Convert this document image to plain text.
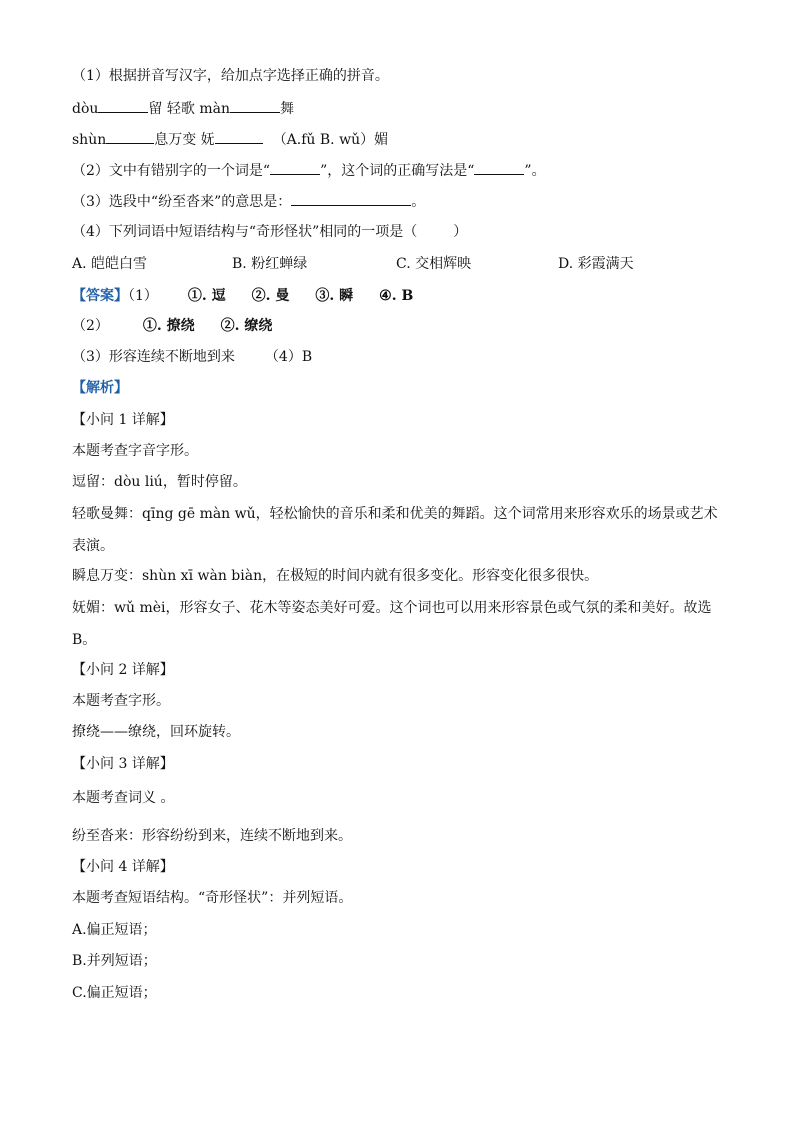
（1）根据拼音写汉字，给加点字选择正确的拼音。
dòu	留 轻歌 màn	舞
shùn	息万变 妩	（A.fǔ B. wǔ）媚
（2）文中有错别字的一个词是“	”，这个词的正确写法是“	”。
（3）选段中“纷至沓来”的意思是：	。
（4）下列词语中短语结构与“奇形怪状”相同的一项是（	）
A. 皑皑白雪	B. 粉红蝉绿	C. 交相辉映	D. 彩霞满天
【答案】（1） ①. 逗 ②. 曼 ③. 瞬 ④. B
（2） ①. 撩绕 ②. 缭绕
（3）形容连续不断地到来 （4）B
【解析】
【小问 1 详解】
本题考查字音字形。
逗留：dòu liú，暂时停留。
轻歌曼舞：qīng gē màn wǔ，轻松愉快的音乐和柔和优美的舞蹈。这个词常用来形容欢乐的场景或艺术表演。
瞬息万变：shùn xī wàn biàn，在极短的时间内就有很多变化。形容变化很多很快。
妩媚：wǔ mèi，形容女子、花木等姿态美好可爱。这个词也可以用来形容景色或气氛的柔和美好。故选B。
【小问 2 详解】
本题考查字形。
撩绕——缭绕，回环旋转。
【小问 3 详解】
本题考查词义 。
纷至沓来：形容纷纷到来，连续不断地到来。
【小问 4 详解】
本题考查短语结构。“奇形怪状”：并列短语。
A.偏正短语；
B.并列短语；
C.偏正短语；
